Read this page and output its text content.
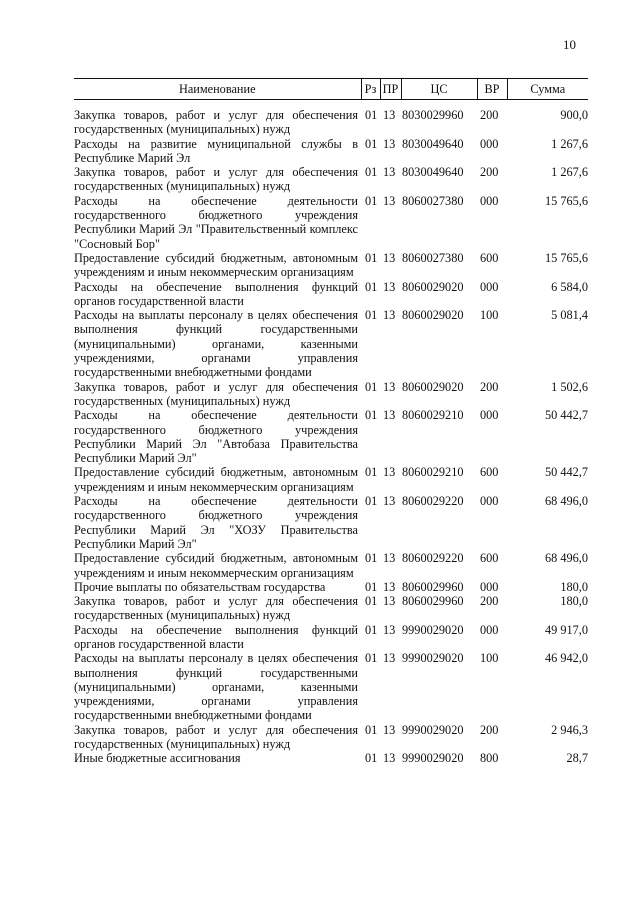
10
Наименование	Рз	ПР	ЦС	ВР	Сумма

Закупка товаров, работ и услуг для обеспечения государственных (муниципальных) нужд	01	13	8030029960	200	900,0
Расходы на развитие муниципальной службы в Республике Марий Эл	01	13	8030049640	000	1 267,6
Закупка товаров, работ и услуг для обеспечения государственных (муниципальных) нужд	01	13	8030049640	200	1 267,6
Расходы на обеспечение деятельности государственного бюджетного учреждения Республики Марий Эл "Правительственный комплекс "Сосновый Бор"	01	13	8060027380	000	15 765,6
Предоставление субсидий бюджетным, автономным учреждениям и иным некоммерческим организациям	01	13	8060027380	600	15 765,6
Расходы на обеспечение выполнения функций органов государственной власти	01	13	8060029020	000	6 584,0
Расходы на выплаты персоналу в целях обеспечения выполнения функций государственными (муниципальными) органами, казенными учреждениями, органами управления государственными внебюджетными фондами	01	13	8060029020	100	5 081,4
Закупка товаров, работ и услуг для обеспечения государственных (муниципальных) нужд	01	13	8060029020	200	1 502,6
Расходы на обеспечение деятельности государственного бюджетного учреждения Республики Марий Эл "Автобаза Правительства Республики Марий Эл"	01	13	8060029210	000	50 442,7
Предоставление субсидий бюджетным, автономным учреждениям и иным некоммерческим организациям	01	13	8060029210	600	50 442,7
Расходы на обеспечение деятельности государственного бюджетного учреждения Республики Марий Эл "ХОЗУ Правительства Республики Марий Эл"	01	13	8060029220	000	68 496,0
Предоставление субсидий бюджетным, автономным учреждениям и иным некоммерческим организациям	01	13	8060029220	600	68 496,0
Прочие выплаты по обязательствам государства	01	13	8060029960	000	180,0
Закупка товаров, работ и услуг для обеспечения государственных (муниципальных) нужд	01	13	8060029960	200	180,0
Расходы на обеспечение выполнения функций органов государственной власти	01	13	9990029020	000	49 917,0
Расходы на выплаты персоналу в целях обеспечения выполнения функций государственными (муниципальными) органами, казенными учреждениями, органами управления государственными внебюджетными фондами	01	13	9990029020	100	46 942,0
Закупка товаров, работ и услуг для обеспечения государственных (муниципальных) нужд	01	13	9990029020	200	2 946,3
Иные бюджетные ассигнования	01	13	9990029020	800	28,7
